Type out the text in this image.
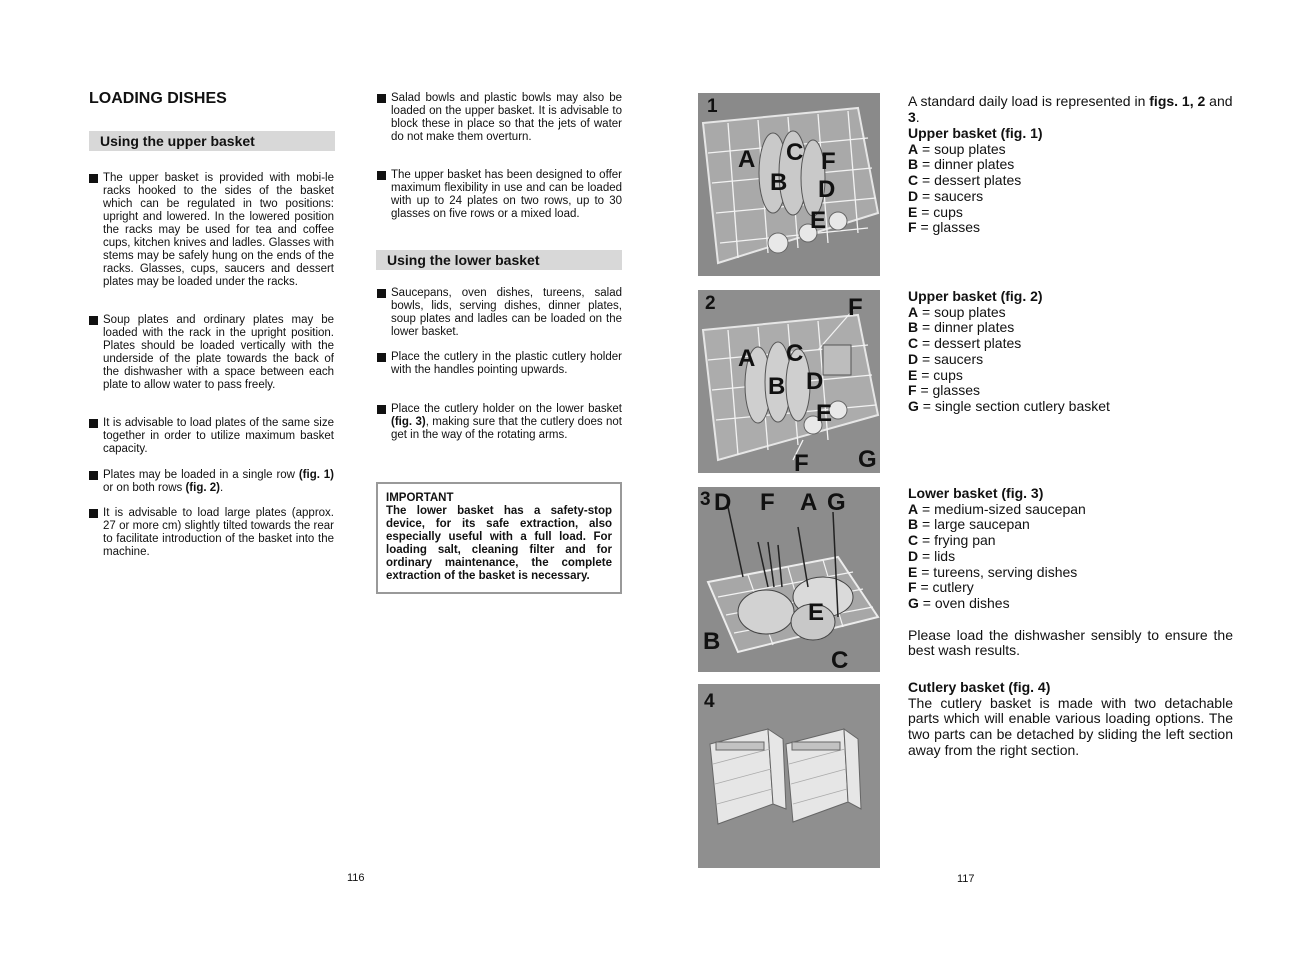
LOADING DISHES
Using the upper basket
The upper basket is provided with mobi-le racks hooked to the sides of the basket which can be regulated in two positions: upright and lowered. In the lowered position the racks may be used for tea and coffee cups, kitchen knives and ladles. Glasses with stems may be safely hung on the ends of the racks. Glasses, cups, saucers and dessert plates may be loaded under the racks.
Soup plates and ordinary plates may be loaded with the rack in the upright position. Plates should be loaded vertically with the underside of the plate towards the back of the dishwasher with a space between each plate to allow water to pass freely.
It is advisable to load plates of the same size together in order to utilize maximum basket capacity.
Plates may be loaded in a single row (fig. 1) or on both rows (fig. 2).
It is advisable to load large plates (approx. 27 or more cm) slightly tilted towards the rear to facilitate introduction of the basket into the machine.
Salad bowls and plastic bowls may also be loaded on the upper basket. It is advisable to block these in place so that the jets of water do not make them overturn.
The upper basket has been designed to offer maximum flexibility in use and can be loaded with up to 24 plates on two rows, up to 30 glasses on five rows or a mixed load.
Using the lower basket
Saucepans, oven dishes, tureens, salad bowls, lids, serving dishes, dinner plates, soup plates and ladles can be loaded on the lower basket.
Place the cutlery in the plastic cutlery holder with the handles pointing upwards.
Place the cutlery holder on the lower basket (fig. 3), making sure that the cutlery does not get in the way of the rotating arms.
IMPORTANT
The lower basket has a safety-stop device, for its safe extraction, also especially useful with a full load. For loading salt, cleaning filter and for ordinary maintenance, the complete extraction of the basket is necessary.
116
1
A C F
B D
E
2	F
A C
B D
E
F G
3 D F A G
E
B
C
4
A standard daily load is represented in figs. 1, 2 and 3.
Upper basket (fig. 1)
A = soup plates
B = dinner plates
C = dessert plates
D = saucers
E = cups
F = glasses
Upper basket (fig. 2)
A = soup plates
B = dinner plates
C = dessert plates
D = saucers
E = cups
F = glasses
G = single section cutlery basket
Lower basket (fig. 3)
A = medium-sized saucepan
B = large saucepan
C = frying pan
D = lids
E = tureens, serving dishes
F = cutlery
G = oven dishes
Please load the dishwasher sensibly to ensure the best wash results.
Cutlery basket (fig. 4)
The cutlery basket is made with two detachable parts which will enable various loading options. The two parts can be detached by sliding the left section away from the right section.
117
